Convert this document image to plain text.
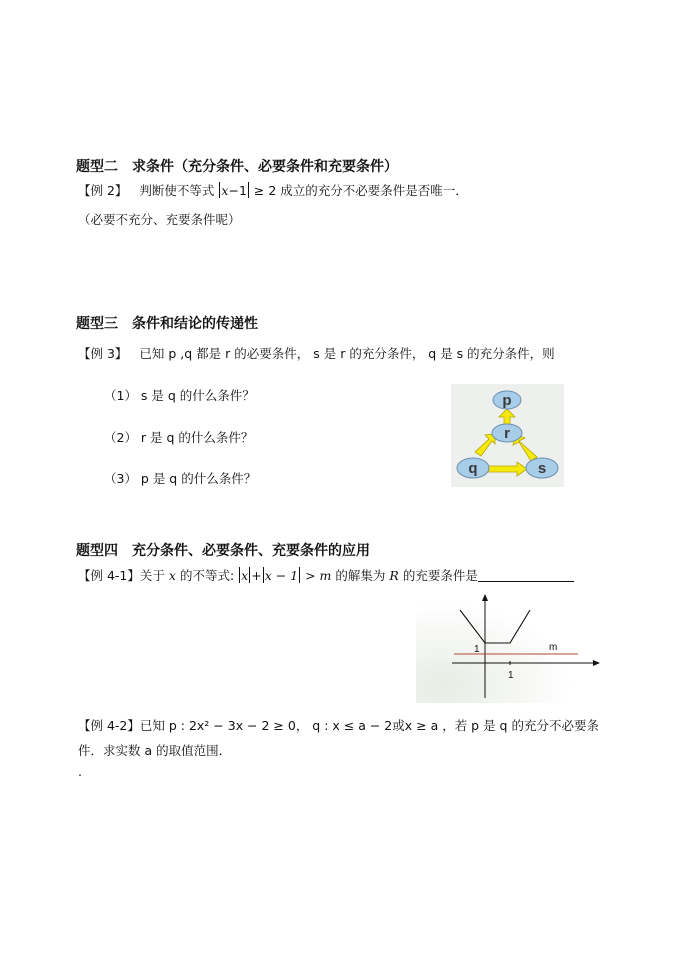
题型二　求条件（充分条件、必要条件和充要条件）
【例 2】 判断使不等式 x−1 ≥ 2 成立的充分不必要条件是否唯一．
（必要不充分、充要条件呢）
题型三　条件和结论的传递性
【例 3】 已知 p ,q 都是 r 的必要条件， s 是 r 的充分条件， q 是 s 的充分条件，则
（1） s 是 q 的什么条件？
（2） r 是 q 的什么条件？
（3） p 是 q 的什么条件？
p
r
q	s
题型四　充分条件、必要条件、充要条件的应用
【例 4-1】关于 x 的不等式: x + x − 1 > m 的解集为 R 的充要条件是
m
1
1
【例 4-2】已知 p : 2x² − 3x − 2 ≥ 0， q : x ≤ a − 2或x ≥ a ，若 p 是 q 的充分不必要条
件．求实数 a 的取值范围．
.
